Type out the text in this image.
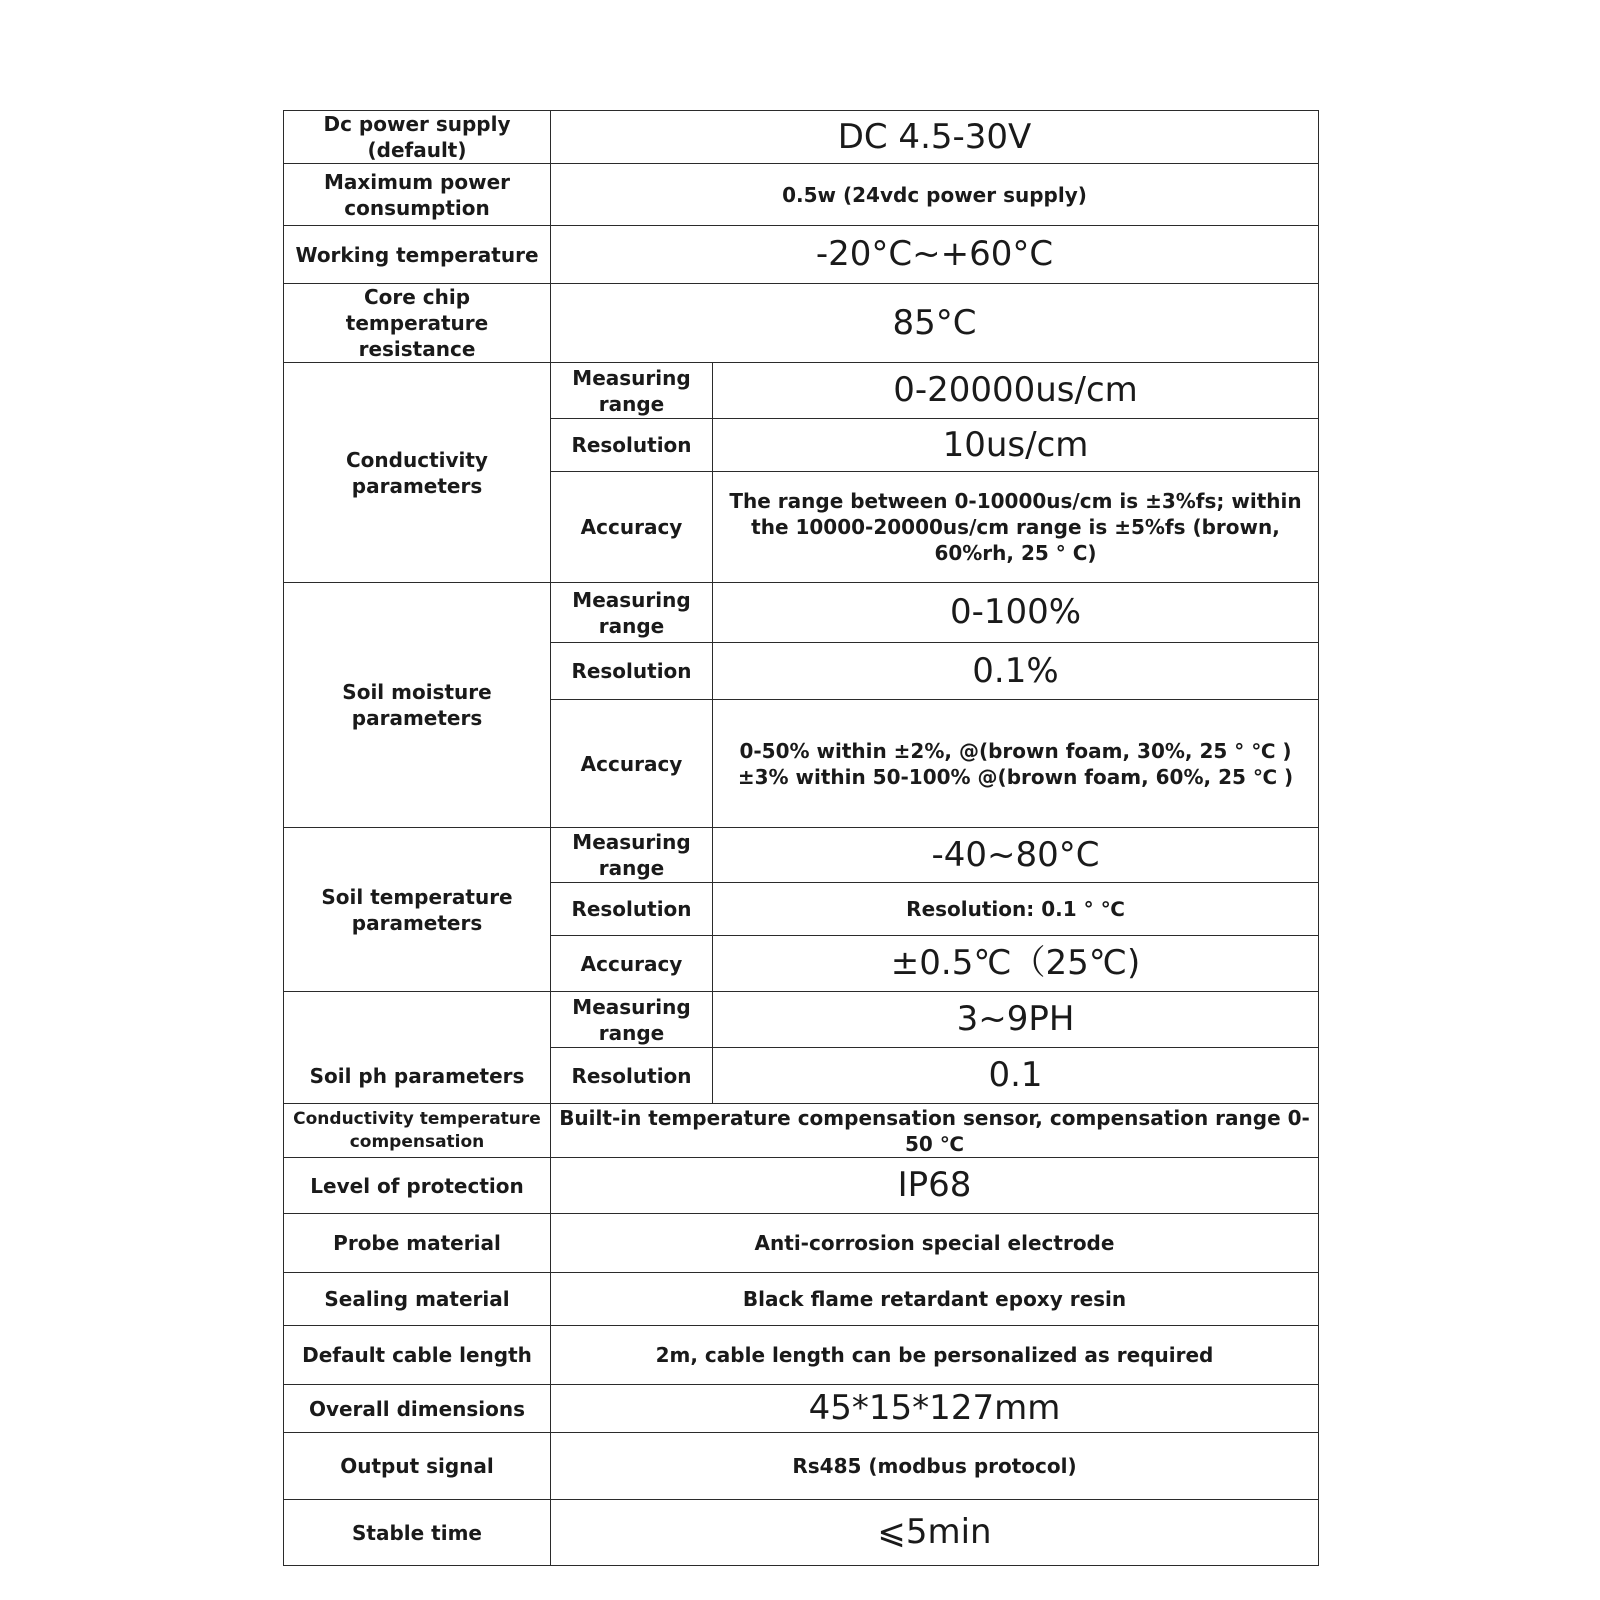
Dc power supply (default)	DC 4.5-30V	
Maximum power consumption	0.5w (24vdc power supply)	
Working temperature	-20°C~+60°C	
Core chip temperature resistance	85°C	
Conductivity parameters	Measuring range	0-20000us/cm
	Resolution	10us/cm
	Accuracy	The range between 0-10000us/cm is ±3%fs; within the 10000-20000us/cm range is ±5%fs (brown, 60%rh, 25 ° C)
Soil moisture parameters	Measuring range	0-100%
	Resolution	0.1%
	Accuracy	0-50% within ±2%, @(brown foam, 30%, 25 ° ℃ ) ±3% within 50-100% @(brown foam, 60%, 25 ℃ )
Soil temperature parameters	Measuring range	-40~80°C
	Resolution	Resolution: 0.1 ° ℃
	Accuracy	±0.5℃（25℃)
Soil ph parameters	Measuring range	3~9PH
	Resolution	0.1
Conductivity temperature compensation	Built-in temperature compensation sensor, compensation range 0-50 ℃	
Level of protection	IP68	
Probe material	Anti-corrosion special electrode	
Sealing material	Black flame retardant epoxy resin	
Default cable length	2m, cable length can be personalized as required	
Overall dimensions	45*15*127mm	
Output signal	Rs485 (modbus protocol)	
Stable time	⩽5min	
